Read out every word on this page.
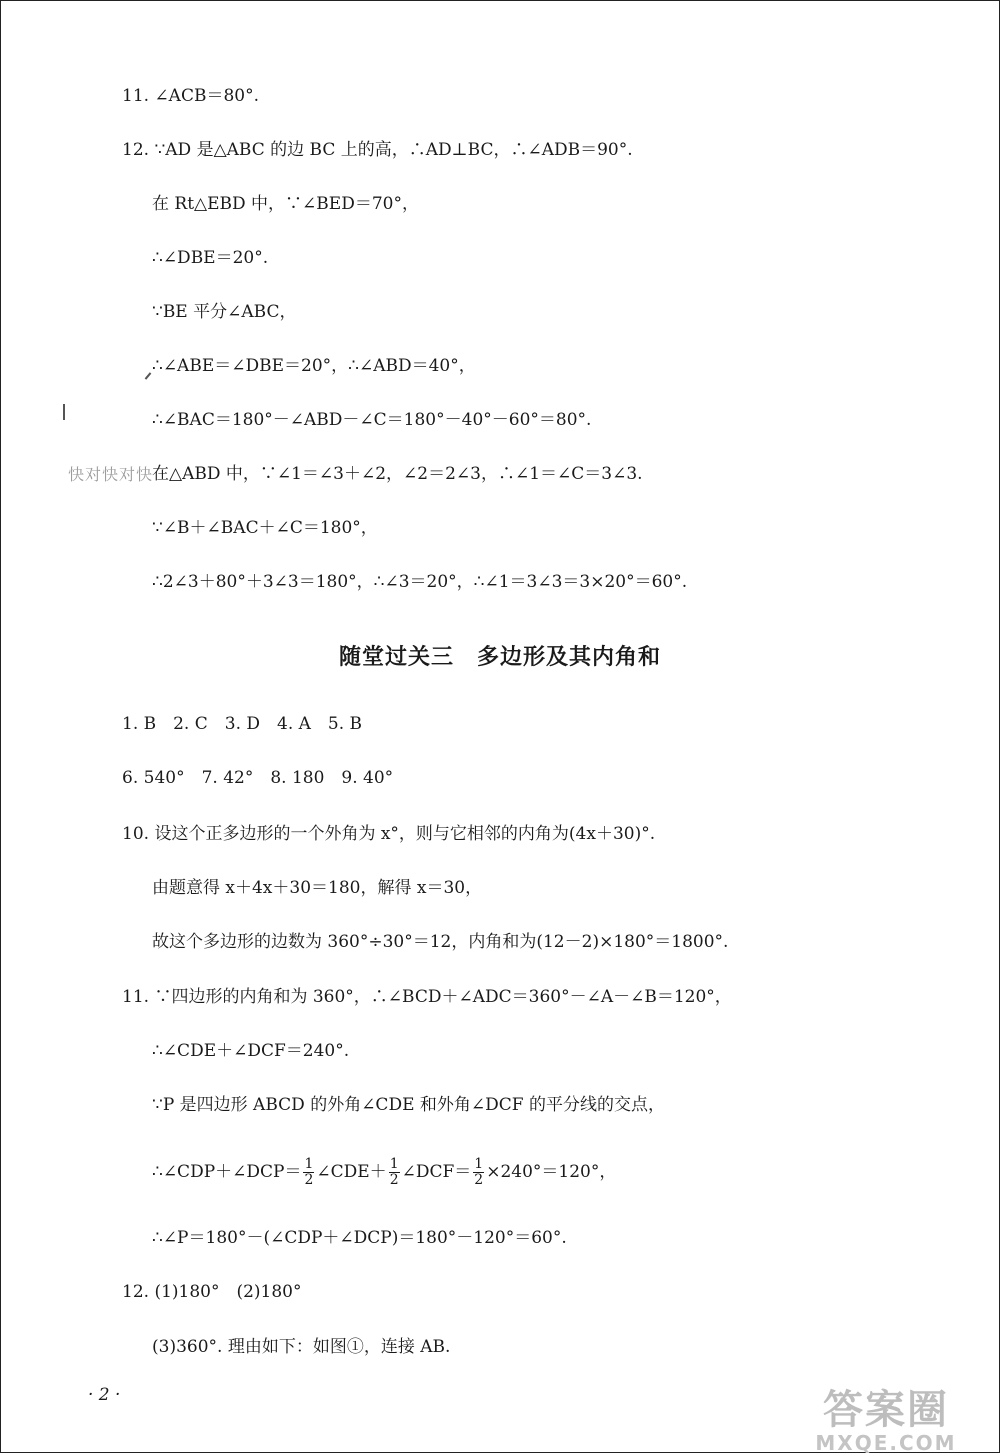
11. ∠ACB＝80°.
12. ∵AD 是△ABC 的边 BC 上的高，∴AD⊥BC，∴∠ADB＝90°.
在 Rt△EBD 中，∵∠BED＝70°，
∴∠DBE＝20°.
∵BE 平分∠ABC，
∴∠ABE＝∠DBE＝20°，∴∠ABD＝40°，
∴∠BAC＝180°－∠ABD－∠C＝180°－40°－60°＝80°.
在△ABD 中，∵∠1＝∠3＋∠2，∠2＝2∠3，∴∠1＝∠C＝3∠3.
∵∠B＋∠BAC＋∠C＝180°，
∴2∠3＋80°＋3∠3＝180°，∴∠3＝20°，∴∠1＝3∠3＝3×20°＝60°.
快对快对快
随堂过关三　多边形及其内角和
1. B　2. C　3. D　4. A　5. B
6. 540°　7. 42°　8. 180　9. 40°
10. 设这个正多边形的一个外角为 x°，则与它相邻的内角为(4x＋30)°.
由题意得 x＋4x＋30＝180，解得 x＝30，
故这个多边形的边数为 360°÷30°＝12，内角和为(12－2)×180°＝1800°.
11. ∵四边形的内角和为 360°，∴∠BCD＋∠ADC＝360°－∠A－∠B＝120°，
∴∠CDE＋∠DCF＝240°.
∵P 是四边形 ABCD 的外角∠CDE 和外角∠DCF 的平分线的交点，
∴∠CDP＋∠DCP＝ $\frac{1}{2}$ ∠CDE＋ $\frac{1}{2}$ ∠DCF＝ $\frac{1}{2} \times 240^\circ=120^\circ$，
∴∠P＝180°－(∠CDP＋∠DCP)＝180°－120°＝60°.
12. (1)180°　(2)180°
(3)360°. 理由如下：如图①，连接 AB.
· 2 ·	答案圈
MXQE.COM
